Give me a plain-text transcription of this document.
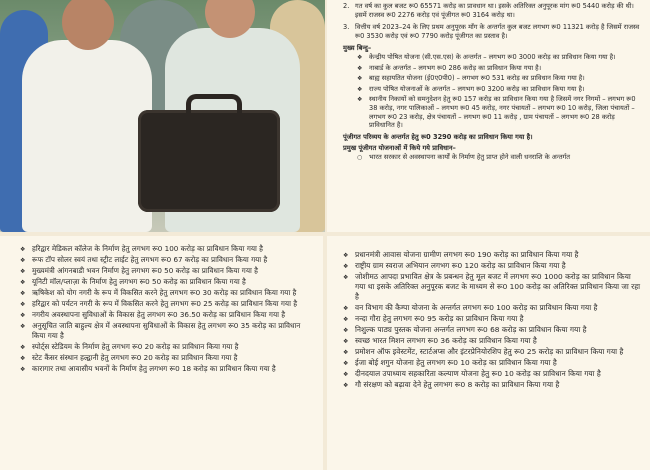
2. गत वर्ष का कुल बजट रू0 65571 करोड़ का प्रावधान था। इसके अतिरिक्त अनुपूरक मांग रू0 5440 करोड़ की थी। इसमें राजस्व रू0 2276 करोड़ एवं पूंजीगत रू0 3164 करोड़ था।

3. वित्तीय वर्ष 2023–24 के लिए प्रथम अनुपूरक माँग के अन्तर्गत कुल बजट लगभग रू0 11321 करोड़ है जिसमें राजस्व रू0 3530 करोड़ एवं रू0 7790 करोड़ पूंजीगत का प्रस्ताव है।

मुख्य बिन्दु–

❖ केन्द्रीय पोषित योजना (सी.एस.एस) के अन्तर्गत – लगभग रू0 3000 करोड़ का प्राविधान किया गया है।
❖ नाबार्ड के अन्तर्गत – लगभग रू0 286 करोड़ का प्राविधान किया गया है।
❖ बाह्य सहायतित योजना (ई0ए0पी0) – लगभग रू0 531 करोड़ का प्राविधान किया गया है।
❖ राज्य पोषित योजनाओं के अन्तर्गत – लगभग रू0 3200 करोड़ का प्राविधान किया गया है।
❖ स्थानीय निकायों को समनुदेशन हेतु रू0 157 करोड़ का प्राविधान किया गया है जिसमें नगर निगमों – लगभग रू0 38 करोड़, नगर पालिकाओं – लगभग रू0 45 करोड़, नगर पंचायतों – लगभग रू0 10 करोड़, जिला पंचायतों – लगभग रू0 23 करोड़, क्षेत्र पंचायतों – लगभग रू0 11 करोड़ , ग्राम पंचायतों – लगभग रू0 28 करोड़ प्राविधानित है।

पूंजीगत परिव्यय के अन्तर्गत हेतु रू0 3290 करोड़ का प्राविधान किया गया है।

प्रमुख पूंजीगत योजनाओं में किये गये प्राविधान–

○ भारत सरकार से अवस्थापना कार्यों के निर्माण हेतु प्राप्त होने वाली धनराशि के अन्तर्गत
❖ हरिद्वार मेडिकल कॉलेज के निर्माण हेतु लगभग रू0 100 करोड़ का प्राविधान किया गया है
❖ रूफ टॉप सोलर स्वयं तथा स्ट्रीट लाईट हेतु लगभग रू0 67 करोड़ का प्राविधान किया गया है
❖ मुख्यमंत्री आंगनबाडी भवन निर्माण हेतु लगभग रू0 50 करोड़ का प्राविधान किया गया है
❖ यूनिटी मॉल/प्लाज़ा के निर्माण हेतु लगभग रू0 50 करोड़ का प्राविधान किया गया है
❖ ऋषिकेश को योग नगरी के रूप में विकसित करने हेतु लगभग रू0 30 करोड़ का प्राविधान किया गया है
❖ हरिद्वार को पर्यटन नगरी के रूप में विकसित करने हेतु लगभग रू0 25 करोड़ का प्राविधान किया गया है
❖ नगरीय अवस्थापना सुविधाओं के विकास हेतु लगभग रू0 36.50 करोड़ का प्राविधान किया गया है
❖ अनुसूचित जाति बाहुल्य क्षेत्र में अवस्थापना सुविधाओं के विकास हेतु लगभग रू0 35 करोड़ का प्राविधान किया गया है
❖ स्पोर्ट्स स्टेडियम के निर्माण हेतु लगभग रू0 20 करोड़ का प्राविधान किया गया है
❖ स्टेट कैंसर संस्थान हल्द्वानी हेतु लगभग रू0 20 करोड़ का प्राविधान किया गया है
❖ कारागार तथा आवासीय भवनों के निर्माण हेतु लगभग रू0 18 करोड़ का प्राविधान किया गया है
❖ प्रधानमंत्री आवास योजना ग्रामीण लगभग रू0 190 करोड़ का प्राविधान किया गया है
❖ राष्ट्रीय ग्राम स्वराज अभियान लगभग रू0 120 करोड़ का प्राविधान किया गया है
❖ जोशीमठ आपदा प्रभावित क्षेत्र के प्रबन्धन हेतु मूल बजट में लगभग रू0 1000 करोड़ का प्राविधान किया गया था इसके अतिरिक्त अनुपूरक बजट के माध्यम से रू0 100 करोड़ का अतिरिक्त प्राविधान किया जा रहा है
❖ वन विभाग की कैम्पा योजना के अन्तर्गत लगभग रू0 100 करोड़ का प्राविधान किया गया है
❖ नन्दा गौरा हेतु लगभग रू0 95 करोड़ का प्राविधान किया गया है
❖ निशुल्क पाठ्य पुस्तक योजना अन्तर्गत लगभग रू0 68 करोड़ का प्राविधान किया गया है
❖ स्वच्छ भारत मिशन लगभग रू0 36 करोड़ का प्राविधान किया गया है
❖ प्रमोशन ऑफ इवेस्टमेंट, स्टार्टअप्स और इंटरप्रेनियोरशिप हेतु रू0 25 करोड़ का प्राविधान किया गया है
❖ ईजा बोई शगुन योजना हेतु लगभग रू0 10 करोड़ का प्राविधान किया गया है
❖ दीनदयाल उपाध्याय सहकारिता कल्याण योजना हेतु रू0 10 करोड़ का प्राविधान किया गया है
❖ गौ संरक्षण को बढ़ावा देने हेतु लगभग रू0 8 करोड़ का प्राविधान किया गया है
